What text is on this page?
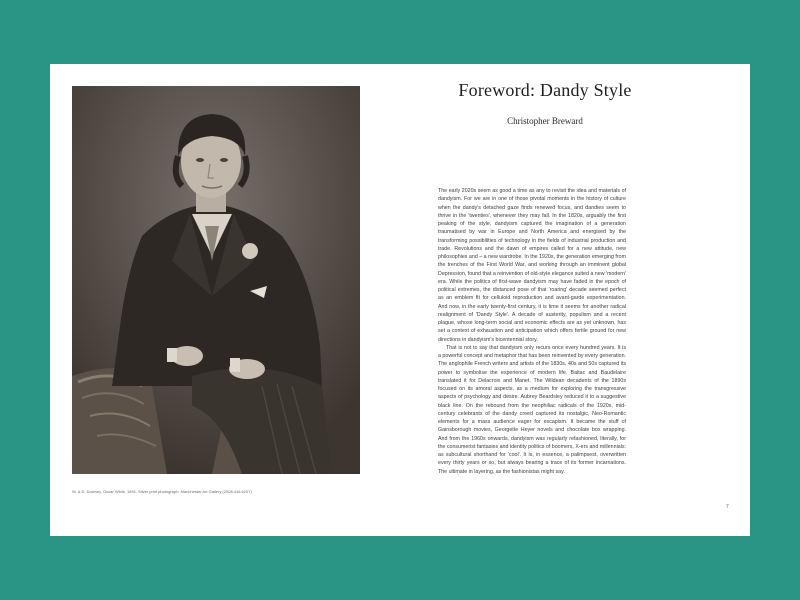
W. & D. Downey, Oscar Wilde, 1891. Silver print photograph. Manchester Art Gallery (2008.416.6207)
Foreword: Dandy Style
Christopher Breward

The early 2020s seem as good a time as any to revisit the idea and materials of dandyism. For we are in one of those pivotal moments in the history of culture when the dandy's detached gaze finds renewed focus, and dandies seem to thrive in the 'twenties', whenever they may fall. In the 1820s, arguably the first peaking of the style, dandyism captured the imagination of a generation traumatised by war in Europe and North America and energised by the transforming possibilities of technology in the fields of industrial production and trade. Revolutions and the dawn of empires called for a new attitude, new philosophies and – a new wardrobe. In the 1920s, the generation emerging from the trenches of the First World War, and working through an imminent global Depression, found that a reinvention of old-style elegance suited a new 'modern' era. While the politics of first-wave dandyism may have faded in the epoch of political extremes, the distanced pose of that 'roaring' decade seemed perfect as an emblem fit for celluloid reproduction and avant-garde experimentation. And now, in the early twenty-first century, it is time it seems for another radical realignment of 'Dandy Style'. A decade of austerity, populism and a recent plague, whose long-term social and economic effects are as yet unknown, has set a context of exhaustion and anticipation which offers fertile ground for new directions in dandyism's bicentennial story.

That is not to say that dandyism only recurs once every hundred years. It is a powerful concept and metaphor that has been reinvented by every generation. The anglophile French writers and artists of the 1830s, 40s and 50s captured its power to symbolise the experience of modern life. Baltac and Baudelaire translated it for Delacroix and Manet. The Wildean decadents of the 1890s focused on its amoral aspects, as a medium for exploring the transgressive aspects of psychology and desire. Aubrey Beardsley reduced it to a suggestive black line. On the rebound from the neophiliac radicals of the 1920s, mid-century celebrants of the dandy creed captured its nostalgic, Neo-Romantic elements for a mass audience eager for escapism. It became the stuff of Gainsborough movies, Georgette Heyer novels and chocolate box wrapping. And from the 1960s onwards, dandyism was regularly refashioned, literally, for the consumerist fantasies and identity politics of boomers, X-ers and millennials: as subcultural shorthand for 'cool'. It is, in essence, a palimpsest, overwritten every thirty years or so, but always bearing a trace of its former incarnations. The ultimate in layering, as the fashionistas might say.

7
